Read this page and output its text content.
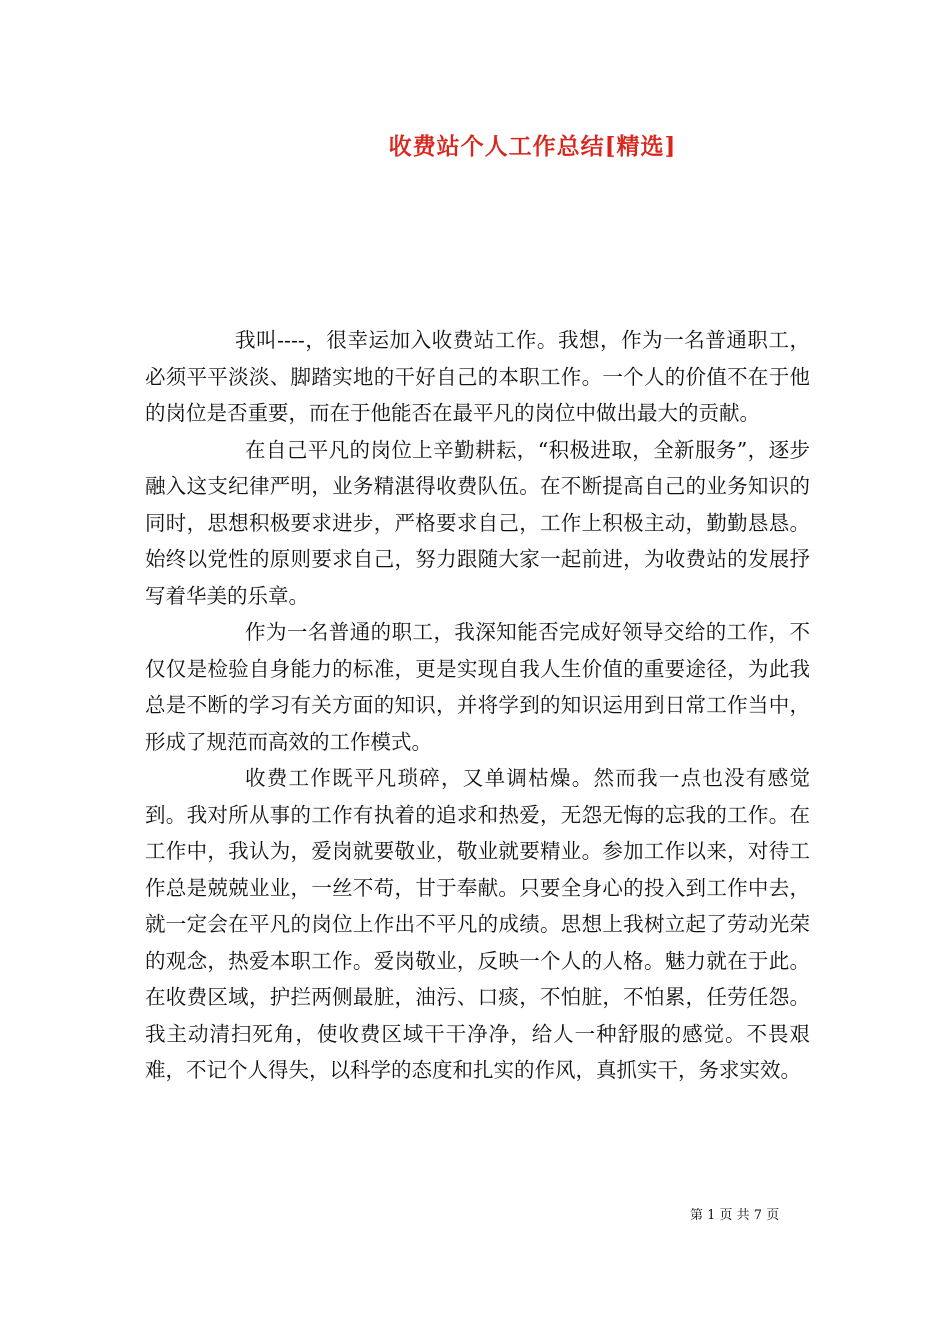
收费站个人工作总结[精选]

我叫----，很幸运加入收费站工作。我想，作为一名普通职工，必须平平淡淡、脚踏实地的干好自己的本职工作。一个人的价值不在于他的岗位是否重要，而在于他能否在最平凡的岗位中做出最大的贡献。

在自己平凡的岗位上辛勤耕耘，“积极进取，全新服务”，逐步融入这支纪律严明，业务精湛得收费队伍。在不断提高自己的业务知识的同时，思想积极要求进步，严格要求自己，工作上积极主动，勤勤恳恳。始终以党性的原则要求自己，努力跟随大家一起前进，为收费站的发展抒写着华美的乐章。

作为一名普通的职工，我深知能否完成好领导交给的工作，不仅仅是检验自身能力的标准，更是实现自我人生价值的重要途径，为此我总是不断的学习有关方面的知识，并将学到的知识运用到日常工作当中，形成了规范而高效的工作模式。

收费工作既平凡琐碎，又单调枯燥。然而我一点也没有感觉到。我对所从事的工作有执着的追求和热爱，无怨无悔的忘我的工作。在工作中，我认为，爱岗就要敬业，敬业就要精业。参加工作以来，对待工作总是兢兢业业，一丝不苟，甘于奉献。只要全身心的投入到工作中去，就一定会在平凡的岗位上作出不平凡的成绩。思想上我树立起了劳动光荣的观念，热爱本职工作。爱岗敬业，反映一个人的人格。魅力就在于此。在收费区域，护拦两侧最脏，油污、口痰，不怕脏，不怕累，任劳任怨。我主动清扫死角，使收费区域干干净净，给人一种舒服的感觉。不畏艰难，不记个人得失，以科学的态度和扎实的作风，真抓实干，务求实效。

第 1 页 共 7 页
